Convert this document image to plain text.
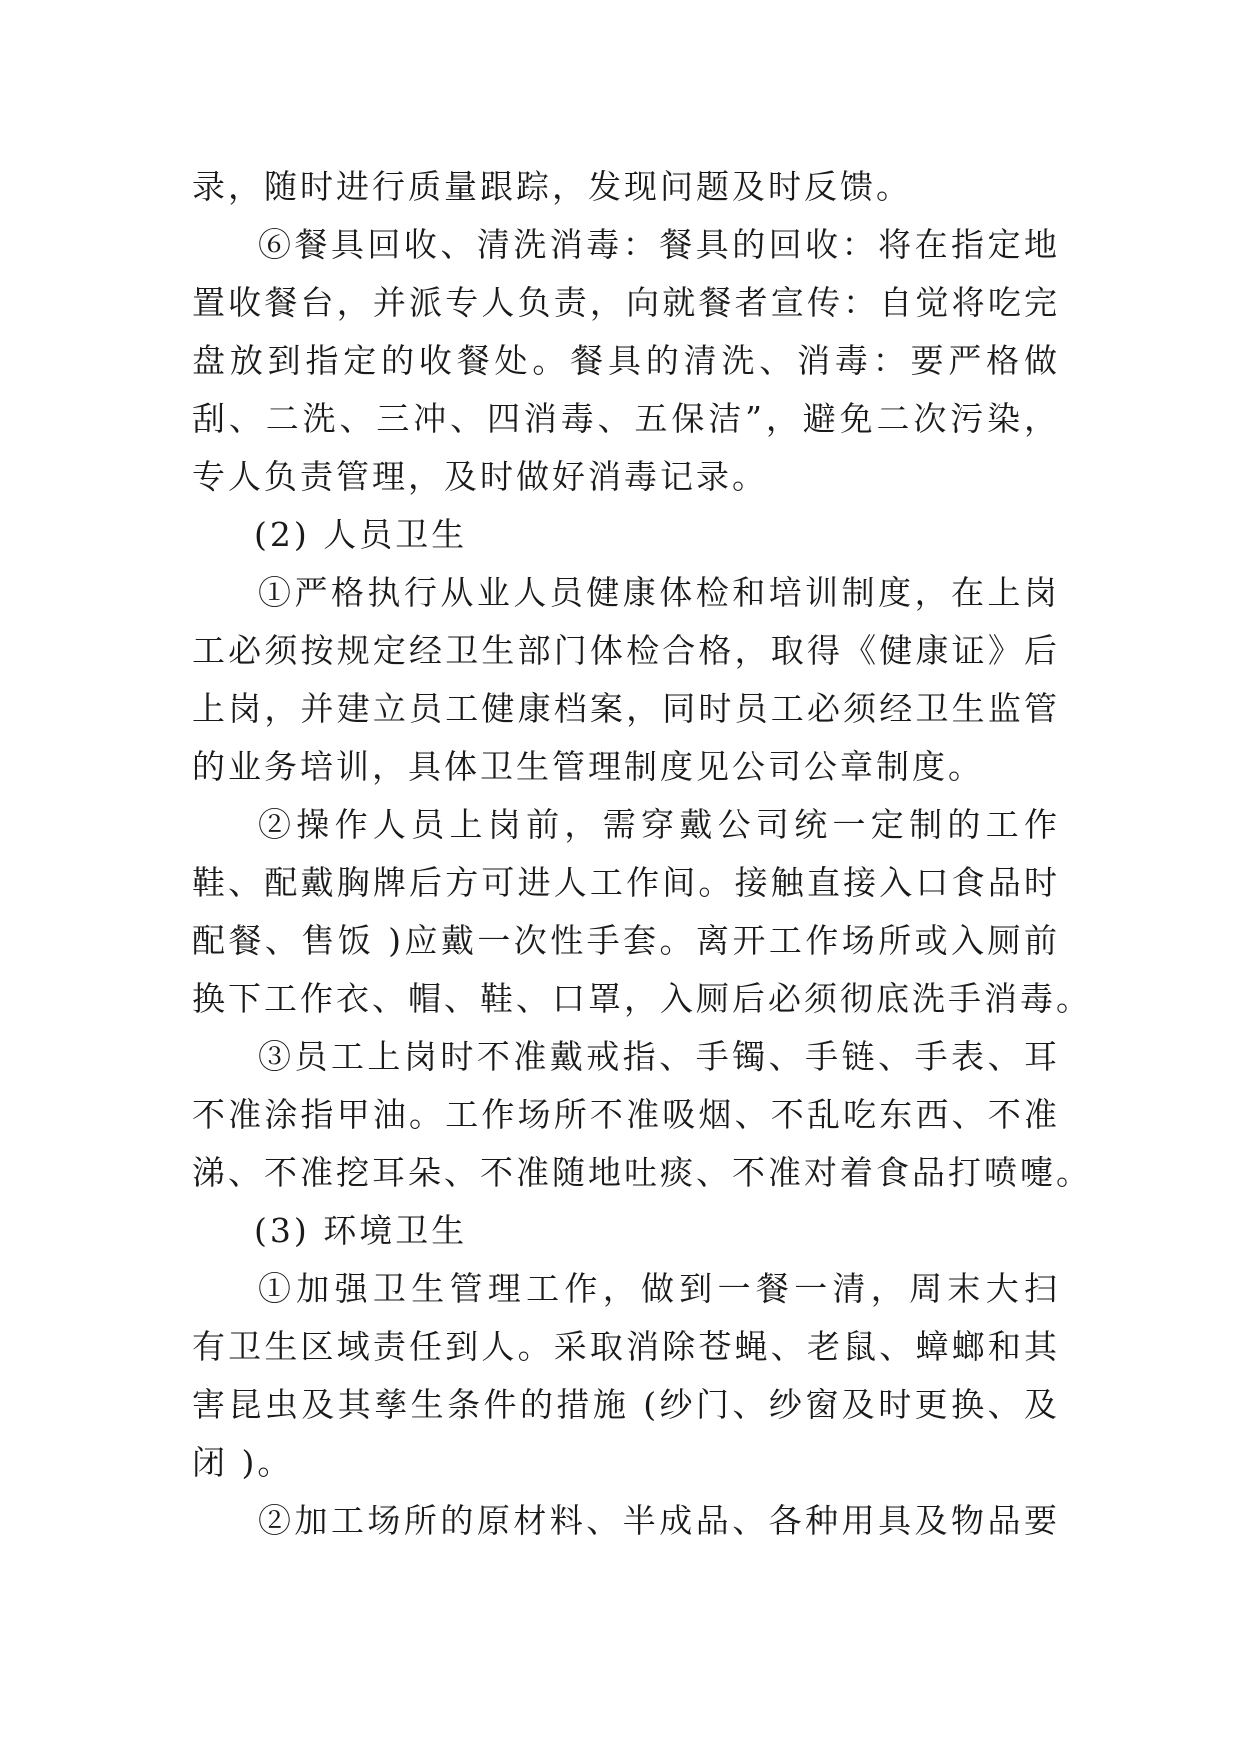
录，随时进行质量跟踪，发现问题及时反馈。
⑥餐具回收、清洗消毒：餐具的回收：将在指定地
置收餐台，并派专人负责，向就餐者宣传：自觉将吃完
盘放到指定的收餐处。餐具的清洗、消毒：要严格做
刮、二洗、三冲、四消毒、五保洁”，避免二次污染，
专人负责管理，及时做好消毒记录。
(2) 人员卫生
①严格执行从业人员健康体检和培训制度，在上岗
工必须按规定经卫生部门体检合格，取得《健康证》后
上岗，并建立员工健康档案，同时员工必须经卫生监管
的业务培训，具体卫生管理制度见公司公章制度。
②操作人员上岗前，需穿戴公司统一定制的工作
鞋、配戴胸牌后方可进人工作间。接触直接入口食品时
配餐、售饭 )应戴一次性手套。离开工作场所或入厕前
换下工作衣、帽、鞋、口罩，入厕后必须彻底洗手消毒。
③员工上岗时不准戴戒指、手镯、手链、手表、耳
不准涂指甲油。工作场所不准吸烟、不乱吃东西、不准
涕、不准挖耳朵、不准随地吐痰、不准对着食品打喷嚏。
(3) 环境卫生
①加强卫生管理工作，做到一餐一清，周末大扫
有卫生区域责任到人。采取消除苍蝇、老鼠、蟑螂和其
害昆虫及其孳生条件的措施 (纱门、纱窗及时更换、及
闭 )。
②加工场所的原材料、半成品、各种用具及物品要
